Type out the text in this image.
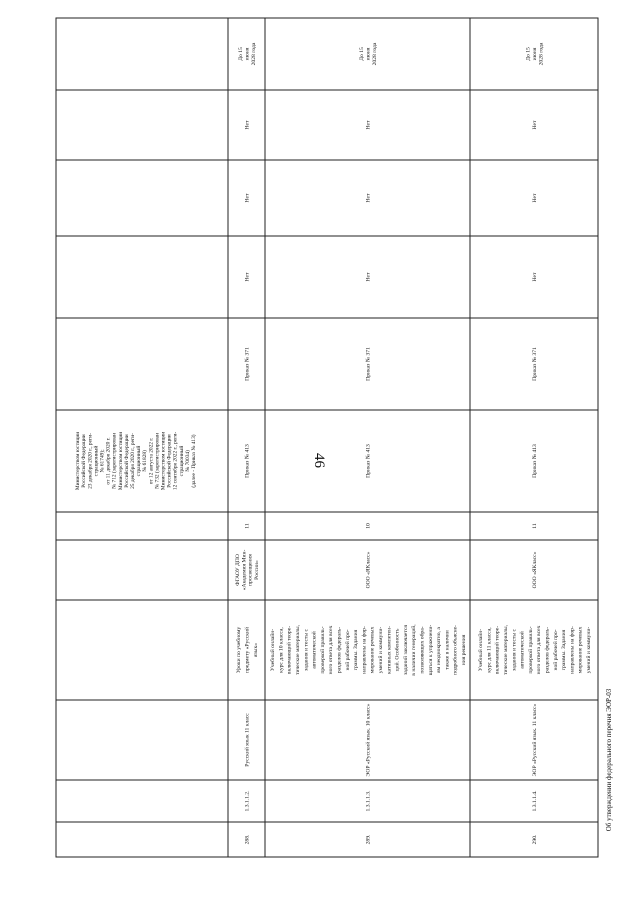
46
288.
1.3.1.1.2.
Русский язык 11 класс
Уроки по учебному предмету «Русский язык»
ФГАОУ ДПО «Академия Мин- просвещения России»
11
Приказ № 413
Приказ № 371
Нет
Нет
Нет
До 15 июня 2028 года
289.
1.3.1.1.3.
ЭОР «Русский язык. 10 класс»
Учебный онлайн- курс для 10 класса, включающий теоре- тические материалы, задания и тесты с автоматической проверкой правиль- ного ответа для всех разделов федераль- ной рабочей про- граммы. Задания направлены на фор- мирование речевых умений и коммуни- кативных компетен- ций. Особенность заданий заключается в наличии генераций, позволяющих обра- щаться к упражнени- ям неоднократно, а также в наличии подробного объясне- ния решения
ООО «ЯКласс»
10
Приказ № 413
Приказ № 371
Нет
Нет
Нет
До 15 июня 2028 года
290.
1.3.1.1.4.
ЭОР «Русский язык. 11 класс»
Учебный онлайн- курс для 11 класса, включающий теоре- тические материалы, задания и тесты с автоматической проверкой правиль- ного ответа для всех разделов федераль- ной рабочей про- граммы. Задания направлены на фор- мирование речевых умений и коммуни-
ООО «ЯКласс»
11
Приказ № 413
Приказ № 371
Нет
Нет
Нет
До 15 июня 2028 года
Министерством юстиции Российской Федерации 23 декабря 2020 г., реги- страционный № 61749); от 11 декабря 2020 г. № 712 (зарегистрирован Министерством юстиции Российской Федерации 25 декабря 2020 г., реги- страционный № 61828) от 12 августа 2022 г. № 732 (зарегистрирован Министерством юстиции Российской Федерации 12 сентября 2022 г., реги- страционный № 70034) (далее - Приказ № 413)
Об утверждении федерального перечня ЭОР-03
